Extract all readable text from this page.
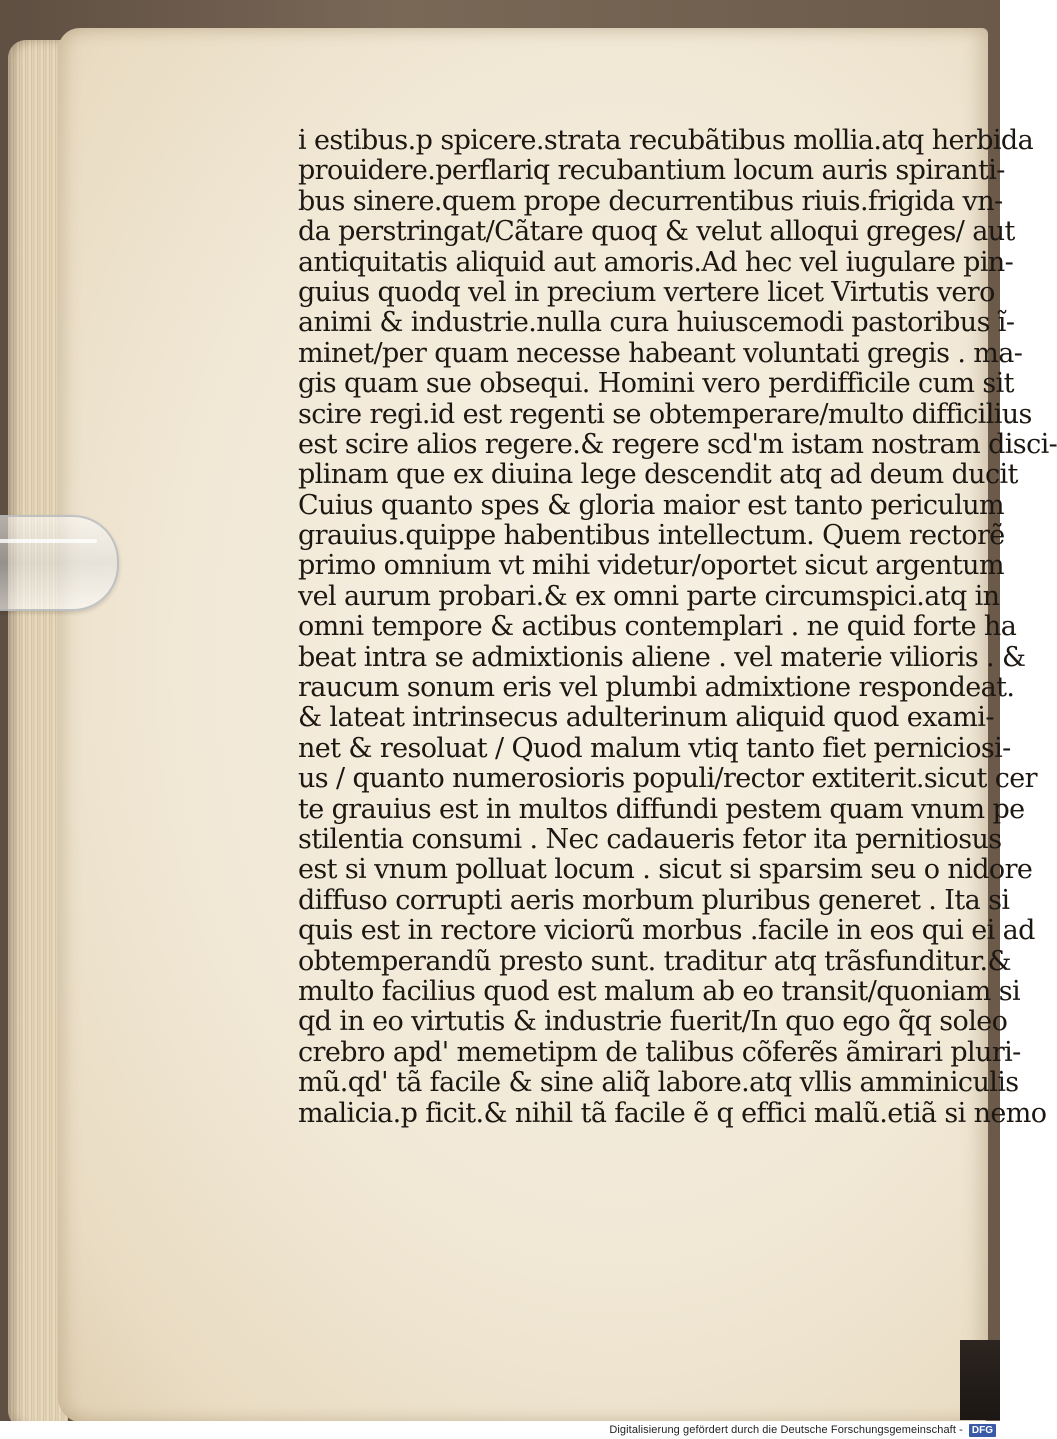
i estibus.p spicere.strata recubãtibus mollia.atq herbida
prouidere.perflariq recubantium locum auris spiranti-
bus sinere.quem prope decurrentibus riuis.frigida vn-
da perstringat/Cãtare quoq & velut alloqui greges/ aut
antiquitatis aliquid aut amoris.Ad hec vel iugulare pin-
guius quodq vel in precium vertere licet Virtutis vero
animi & industrie.nulla cura huiuscemodi pastoribus ĩ-
minet/per quam necesse habeant voluntati gregis . ma-
gis quam sue obsequi. Homini vero perdifficile cum sit
scire regi.id est regenti se obtemperare/multo difficilius
est scire alios regere.& regere scd'm istam nostram disci-
plinam que ex diuina lege descendit atq ad deum ducit
Cuius quanto spes & gloria maior est tanto periculum
grauius.quippe habentibus intellectum. Quem rectorẽ
primo omnium vt mihi videtur/oportet sicut argentum
vel aurum probari.& ex omni parte circumspici.atq in
omni tempore & actibus contemplari . ne quid forte ha
beat intra se admixtionis aliene . vel materie vilioris . &
raucum sonum eris vel plumbi admixtione respondeat.
& lateat intrinsecus adulterinum aliquid quod exami-
net & resoluat / Quod malum vtiq tanto fiet perniciosi-
us / quanto numerosioris populi/rector extiterit.sicut cer
te grauius est in multos diffundi pestem quam vnum pe
stilentia consumi . Nec cadaueris fetor ita pernitiosus
est si vnum polluat locum . sicut si sparsim seu o nidore
diffuso corrupti aeris morbum pluribus generet . Ita si
quis est in rectore viciorũ morbus .facile in eos qui ei ad
obtemperandũ presto sunt. traditur atq trãsfunditur.&
multo facilius quod est malum ab eo transit/quoniam si
qd in eo virtutis & industrie fuerit/In quo ego q̃q soleo
crebro apd' memetipm de talibus cõferẽs ãmirari pluri-
mũ.qd' tã facile & sine aliq̃ labore.atq vllis amminiculis
malicia.p ficit.& nihil tã facile ẽ q effici malũ.etiã si nemo
Digitalisierung gefördert durch die Deutsche Forschungsgemeinschaft - DFG
